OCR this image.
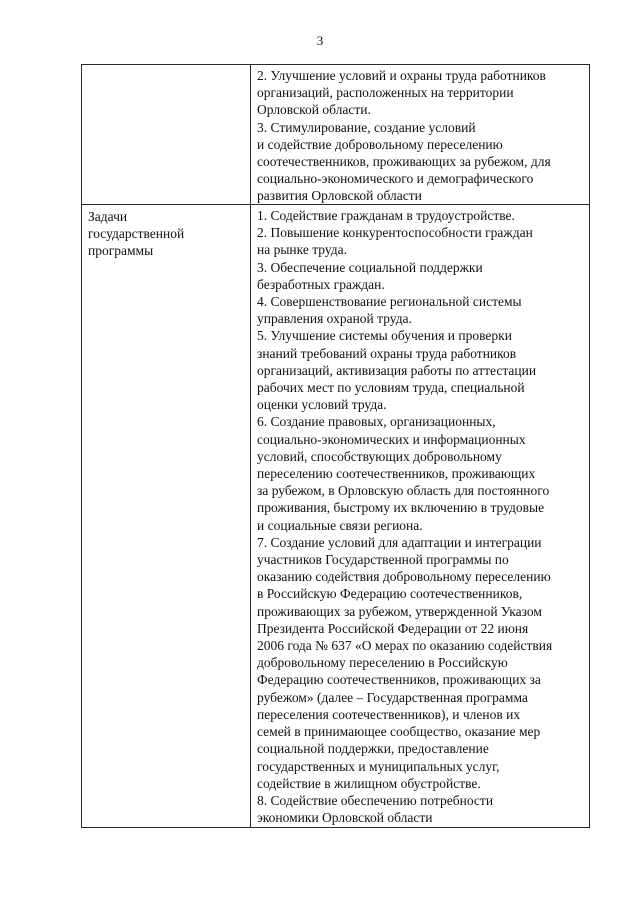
3
2. Улучшение условий и охраны труда работников
организаций, расположенных на территории
Орловской области.
3. Стимулирование, создание условий
и содействие добровольному переселению
соотечественников, проживающих за рубежом, для
социально-экономического и демографического
развития Орловской области
Задачи
государственной
программы
1. Содействие гражданам в трудоустройстве.
2. Повышение конкурентоспособности граждан
на рынке труда.
3. Обеспечение социальной поддержки
безработных граждан.
4. Совершенствование региональной системы
управления охраной труда.
5. Улучшение системы обучения и проверки
знаний требований охраны труда работников
организаций, активизация работы по аттестации
рабочих мест по условиям труда, специальной
оценки условий труда.
6. Создание правовых, организационных,
социально-экономических и информационных
условий, способствующих добровольному
переселению соотечественников, проживающих
за рубежом, в Орловскую область для постоянного
проживания, быстрому их включению в трудовые
и социальные связи региона.
7. Создание условий для адаптации и интеграции
участников Государственной программы по
оказанию содействия добровольному переселению
в Российскую Федерацию соотечественников,
проживающих за рубежом, утвержденной Указом
Президента Российской Федерации от 22 июня
2006 года № 637 «О мерах по оказанию содействия
добровольному переселению в Российскую
Федерацию соотечественников, проживающих за
рубежом» (далее – Государственная программа
переселения соотечественников), и членов их
семей в принимающее сообщество, оказание мер
социальной поддержки, предоставление
государственных и муниципальных услуг,
содействие в жилищном обустройстве.
8. Содействие обеспечению потребности
экономики Орловской области
